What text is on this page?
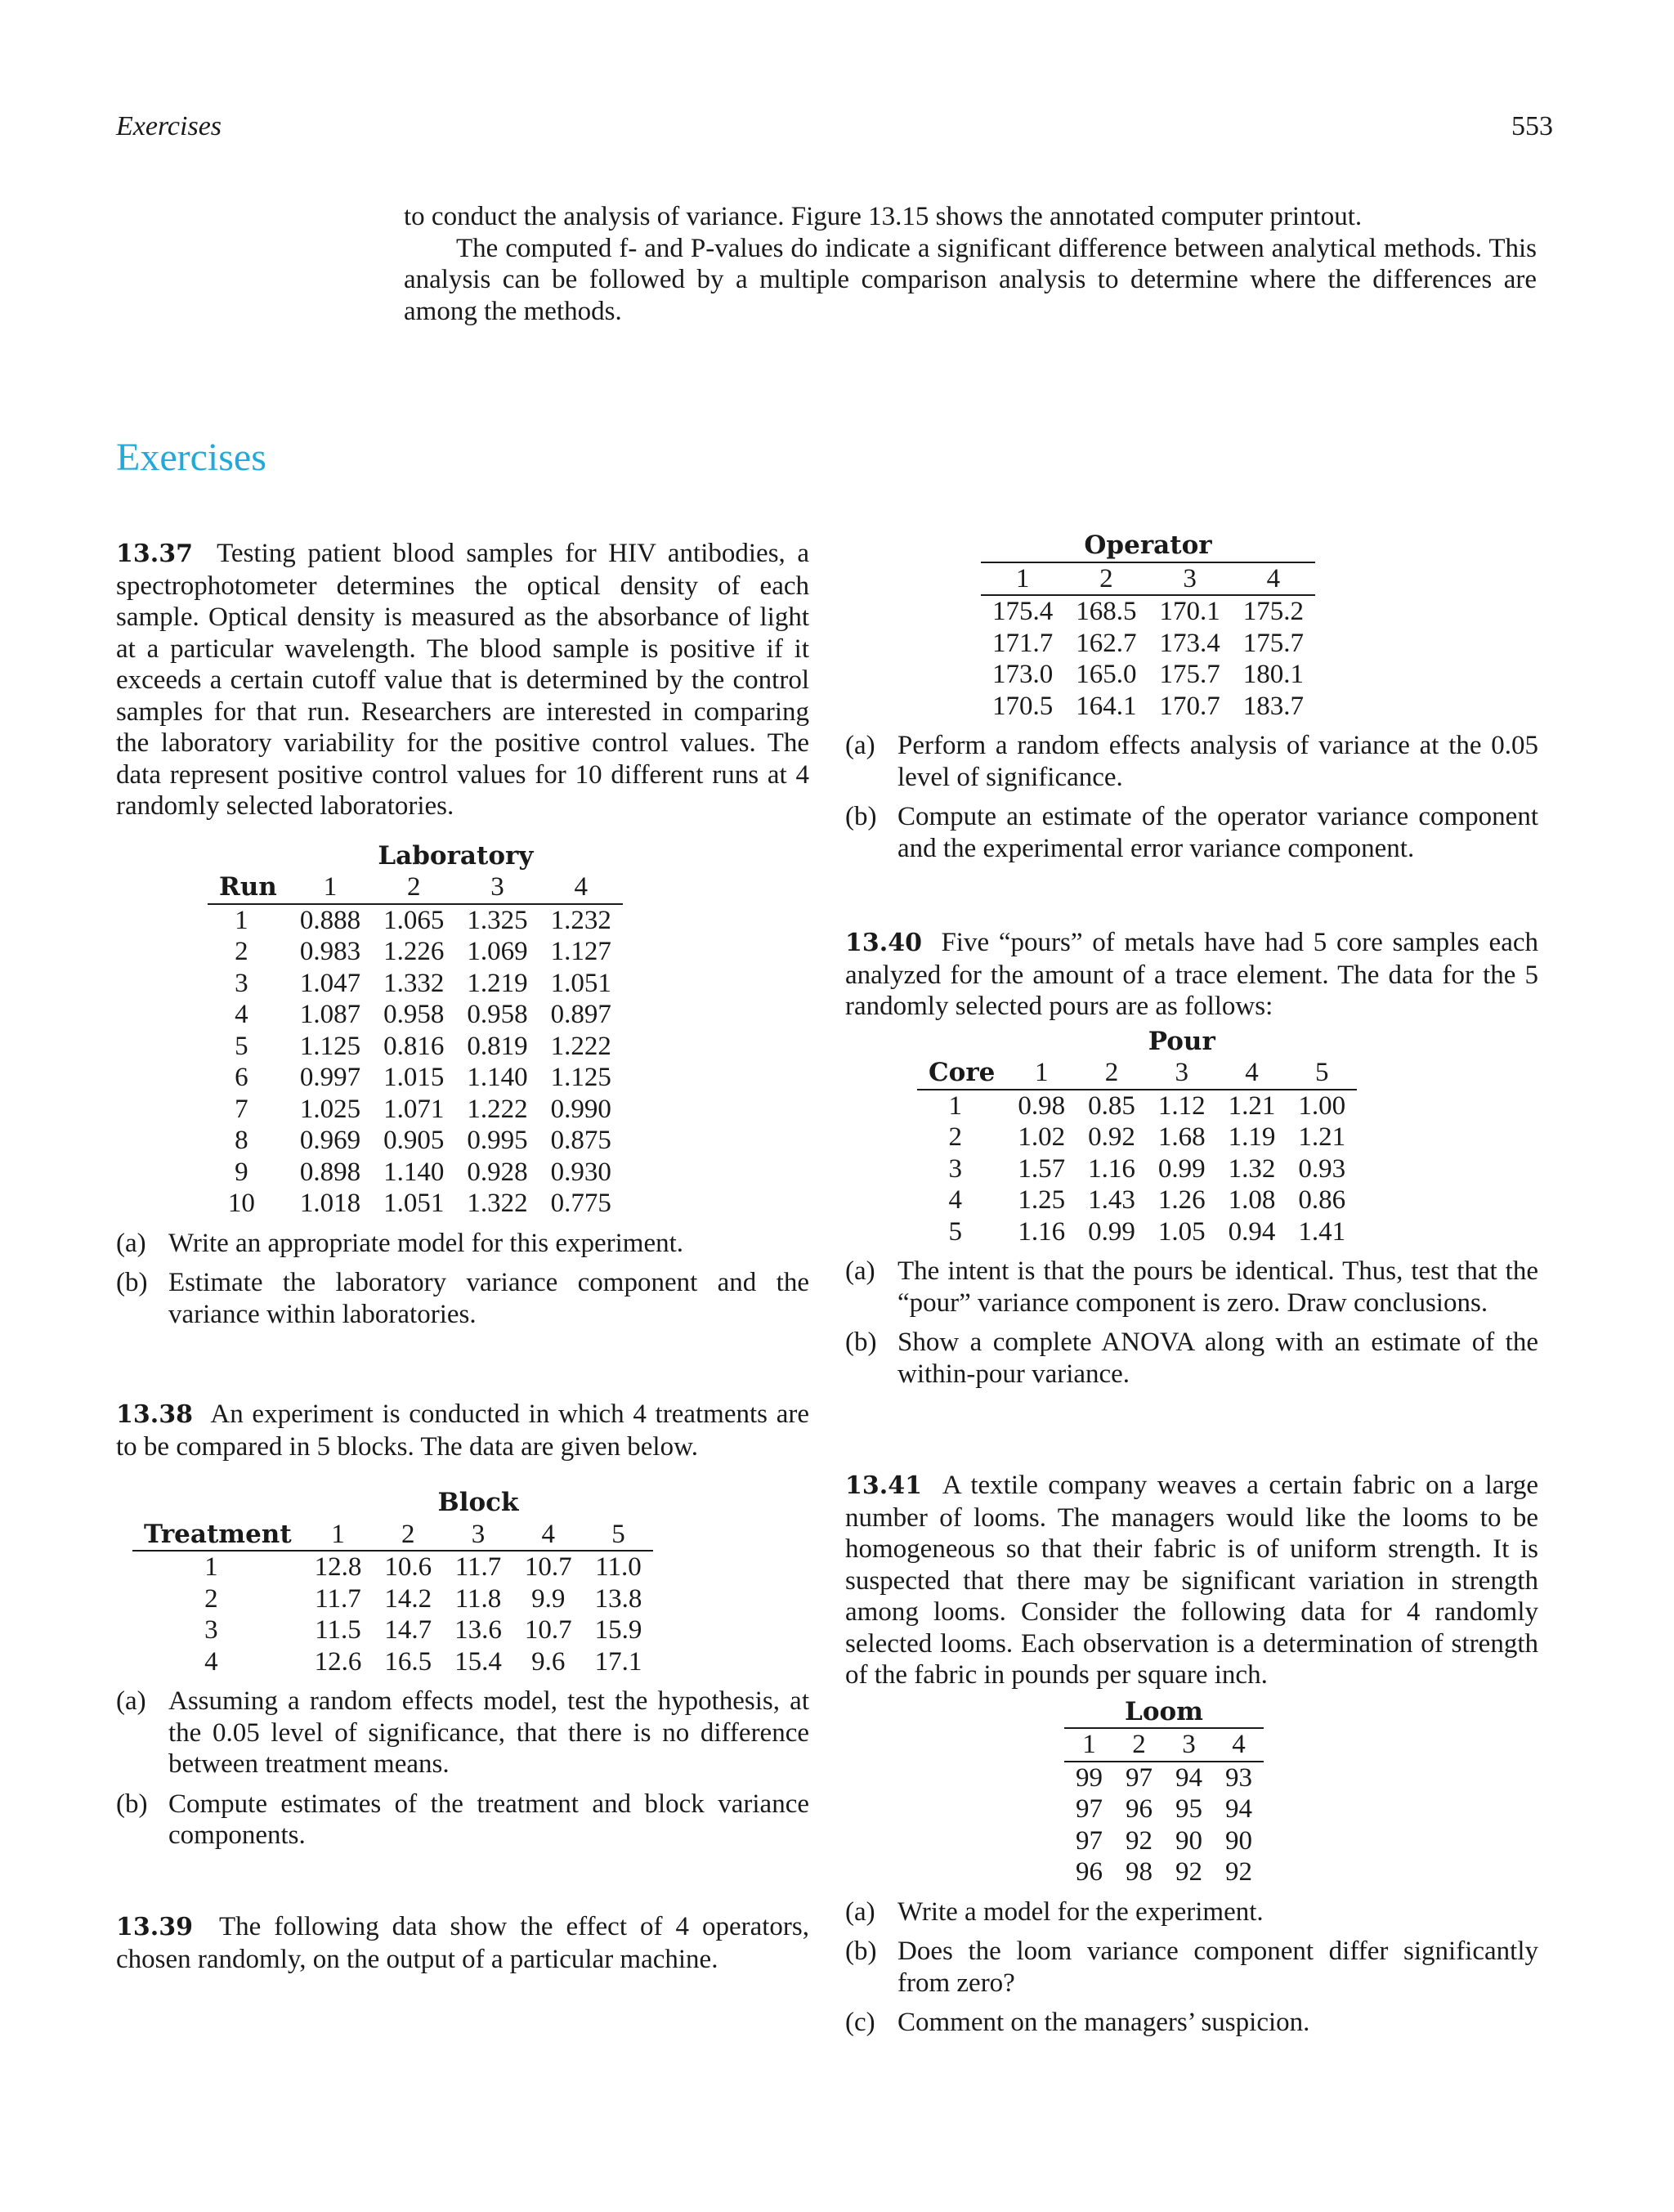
Exercises	553

to conduct the analysis of variance. Figure 13.15 shows the annotated computer printout.

The computed f- and P-values do indicate a significant difference between analytical methods. This analysis can be followed by a multiple comparison analysis to determine where the differences are among the methods.

Exercises

13.37 Testing patient blood samples for HIV antibodies, a spectrophotometer determines the optical density of each sample. Optical density is measured as the absorbance of light at a particular wavelength. The blood sample is positive if it exceeds a certain cutoff value that is determined by the control samples for that run. Researchers are interested in comparing the laboratory variability for the positive control values. The data represent positive control values for 10 different runs at 4 randomly selected laboratories.

	Laboratory			
Run	1	2	3	4
1	0.888	1.065	1.325	1.232
2	0.983	1.226	1.069	1.127
3	1.047	1.332	1.219	1.051
4	1.087	0.958	0.958	0.897
5	1.125	0.816	0.819	1.222
6	0.997	1.015	1.140	1.125
7	1.025	1.071	1.222	0.990
8	0.969	0.905	0.995	0.875
9	0.898	1.140	0.928	0.930
10	1.018	1.051	1.322	0.775
(a) Write an appropriate model for this experiment.
(b) Estimate the laboratory variance component and the variance within laboratories.

13.38 An experiment is conducted in which 4 treatments are to be compared in 5 blocks. The data are given below.

	Block				
Treatment	1	2	3	4	5
1	12.8	10.6	11.7	10.7	11.0
2	11.7	14.2	11.8	9.9	13.8
3	11.5	14.7	13.6	10.7	15.9
4	12.6	16.5	15.4	9.6	17.1
(a) Assuming a random effects model, test the hypothesis, at the 0.05 level of significance, that there is no difference between treatment means.
(b) Compute estimates of the treatment and block variance components.

13.39 The following data show the effect of 4 operators, chosen randomly, on the output of a particular machine.

Operator			
1	2	3	4
175.4	168.5	170.1	175.2
171.7	162.7	173.4	175.7
173.0	165.0	175.7	180.1
170.5	164.1	170.7	183.7
(a) Perform a random effects analysis of variance at the 0.05 level of significance.
(b) Compute an estimate of the operator variance component and the experimental error variance component.

13.40 Five “pours” of metals have had 5 core samples each analyzed for the amount of a trace element. The data for the 5 randomly selected pours are as follows:

	Pour				
Core	1	2	3	4	5
1	0.98	0.85	1.12	1.21	1.00
2	1.02	0.92	1.68	1.19	1.21
3	1.57	1.16	0.99	1.32	0.93
4	1.25	1.43	1.26	1.08	0.86
5	1.16	0.99	1.05	0.94	1.41
(a) The intent is that the pours be identical. Thus, test that the “pour” variance component is zero. Draw conclusions.
(b) Show a complete ANOVA along with an estimate of the within-pour variance.

13.41 A textile company weaves a certain fabric on a large number of looms. The managers would like the looms to be homogeneous so that their fabric is of uniform strength. It is suspected that there may be significant variation in strength among looms. Consider the following data for 4 randomly selected looms. Each observation is a determination of strength of the fabric in pounds per square inch.

Loom			
1	2	3	4
99	97	94	93
97	96	95	94
97	92	90	90
96	98	92	92
(a) Write a model for the experiment.
(b) Does the loom variance component differ significantly from zero?
(c) Comment on the managers’ suspicion.
